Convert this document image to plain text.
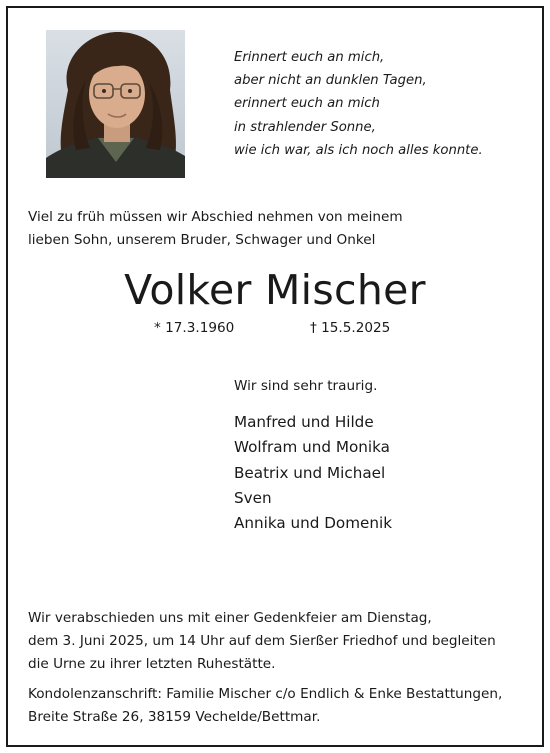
Erinnert euch an mich,
aber nicht an dunklen Tagen,
erinnert euch an mich
in strahlender Sonne,
wie ich war, als ich noch alles konnte.
Viel zu früh müssen wir Abschied nehmen von meinem
lieben Sohn, unserem Bruder, Schwager und Onkel
Volker Mischer
* 17.3.1960	† 15.5.2025
Wir sind sehr traurig.
Manfred und Hilde
Wolfram und Monika
Beatrix und Michael
Sven
Annika und Domenik
Wir verabschieden uns mit einer Gedenkfeier am Dienstag,
dem 3. Juni 2025, um 14 Uhr auf dem Sierßer Friedhof und begleiten
die Urne zu ihrer letzten Ruhestätte.
Kondolenzanschrift: Familie Mischer c/o Endlich & Enke Bestattungen,
Breite Straße 26, 38159 Vechelde/Bettmar.
